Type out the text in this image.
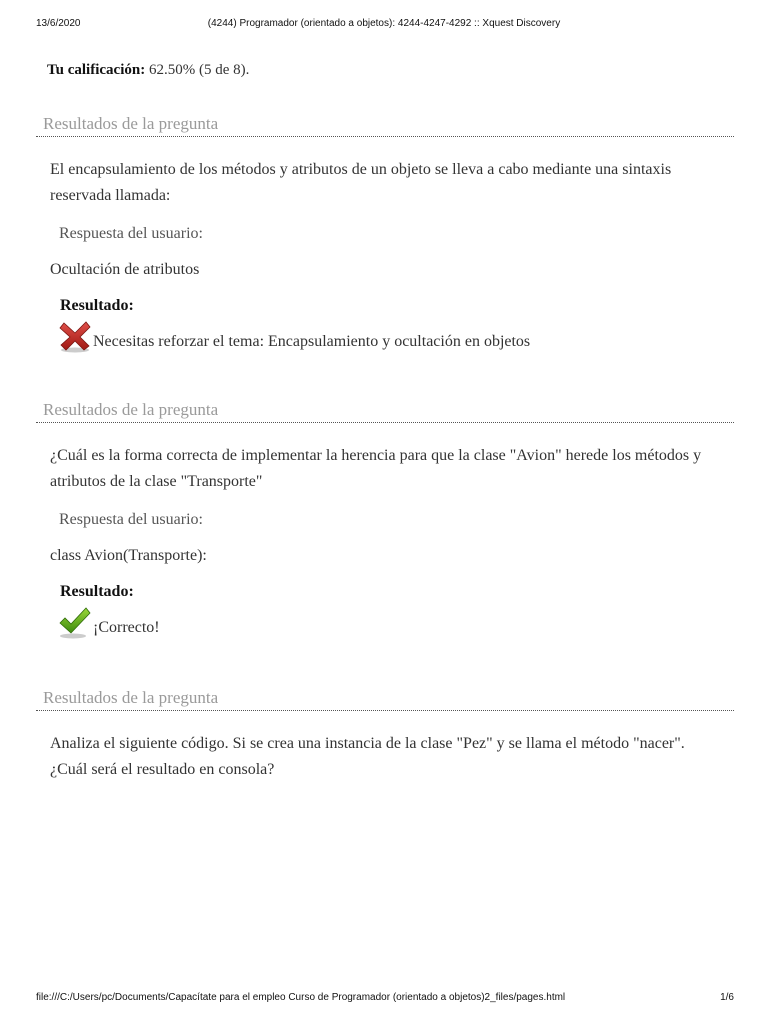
13/6/2020	(4244) Programador (orientado a objetos): 4244-4247-4292 :: Xquest Discovery
Tu calificación: 62.50% (5 de 8).
Resultados de la pregunta
El encapsulamiento de los métodos y atributos de un objeto se lleva a cabo mediante una sintaxis reservada llamada:
Respuesta del usuario:
Ocultación de atributos
Resultado:
Necesitas reforzar el tema: Encapsulamiento y ocultación en objetos
Resultados de la pregunta
¿Cuál es la forma correcta de implementar la herencia para que la clase "Avion" herede los métodos y atributos de la clase "Transporte"
Respuesta del usuario:
class Avion(Transporte):
Resultado:
¡Correcto!
Resultados de la pregunta
Analiza el siguiente código. Si se crea una instancia de la clase "Pez" y se llama el método "nacer". ¿Cuál será el resultado en consola?
file:///C:/Users/pc/Documents/Capacítate para el empleo Curso de Programador (orientado a objetos)2_files/pages.html	1/6
